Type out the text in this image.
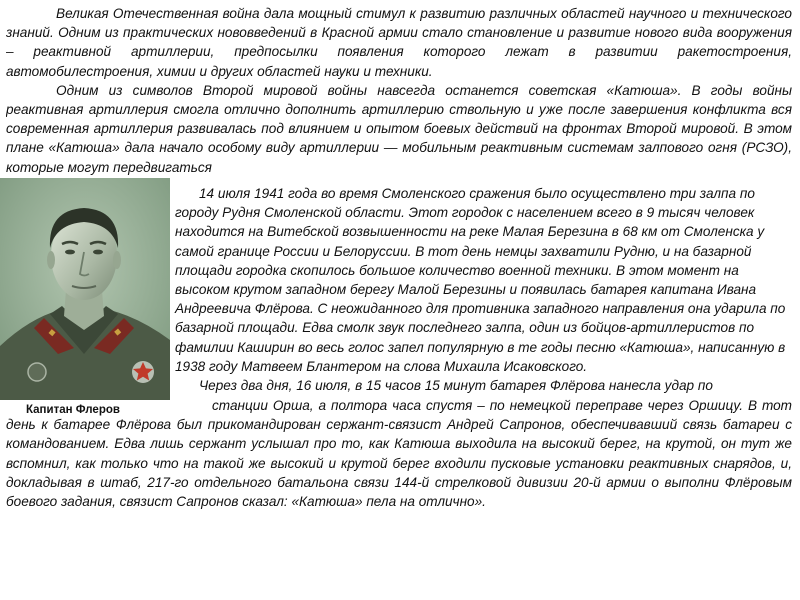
Великая Отечественная война дала мощный стимул к развитию различных областей научного и технического знаний. Одним из практических нововведений в Красной армии стало становление и развитие нового вида вооружения – реактивной артиллерии, предпосылки появления которого лежат в развитии ракетостроения, автомобилестроения, химии и других областей науки и техники.

Одним из символов Второй мировой войны навсегда останется советская «Катюша». В годы войны реактивная артиллерия смогла отлично дополнить артиллерию ствольную и уже после завершения конфликта вся современная артиллерия развивалась под влиянием и опытом боевых действий на фронтах Второй мировой. В этом плане «Катюша» дала начало особому виду артиллерии — мобильным реактивным системам залпового огня (РСЗО), которые могут передвигаться

Капитан Флеров

14 июля 1941 года во время Смоленского сражения было осуществлено три залпа по городу Рудня Смоленской области. Этот городок с населением всего в 9 тысяч человек находится на Витебской возвышенности на реке Малая Березина в 68 км от Смоленска у самой границе России и Белоруссии. В тот день немцы захватили Рудню, и на базарной площади городка скопилось большое количество военной техники. В этом момент на высоком крутом западном берегу Малой Березины и появилась батарея капитана Ивана Андреевича Флёрова. С неожиданного для противника западного направления она ударила по базарной площади. Едва смолк звук последнего залпа, один из бойцов-артиллеристов по фамилии Каширин во весь голос запел популярную в те годы песню «Катюша», написанную в 1938 году Матвеем Блантером на слова Михаила Исаковского.

Через два дня, 16 июля, в 15 часов 15 минут батарея Флёрова нанесла удар по

станции Орша, а полтора часа спустя – по немецкой переправе через Оршицу. В тот день к батарее Флёрова был прикомандирован сержант-связист Андрей Сапронов, обеспечивавший связь батареи с командованием. Едва лишь сержант услышал про то, как Катюша выходила на высокий берег, на крутой, он тут же вспомнил, как только что на такой же высокий и крутой берег входили пусковые установки реактивных снарядов, и, докладывая в штаб, 217-го отдельного батальона связи 144-й стрелковой дивизии 20-й армии о выполни Флёровым боевого задания, связист Сапронов сказал: «Катюша» пела на отлично».
